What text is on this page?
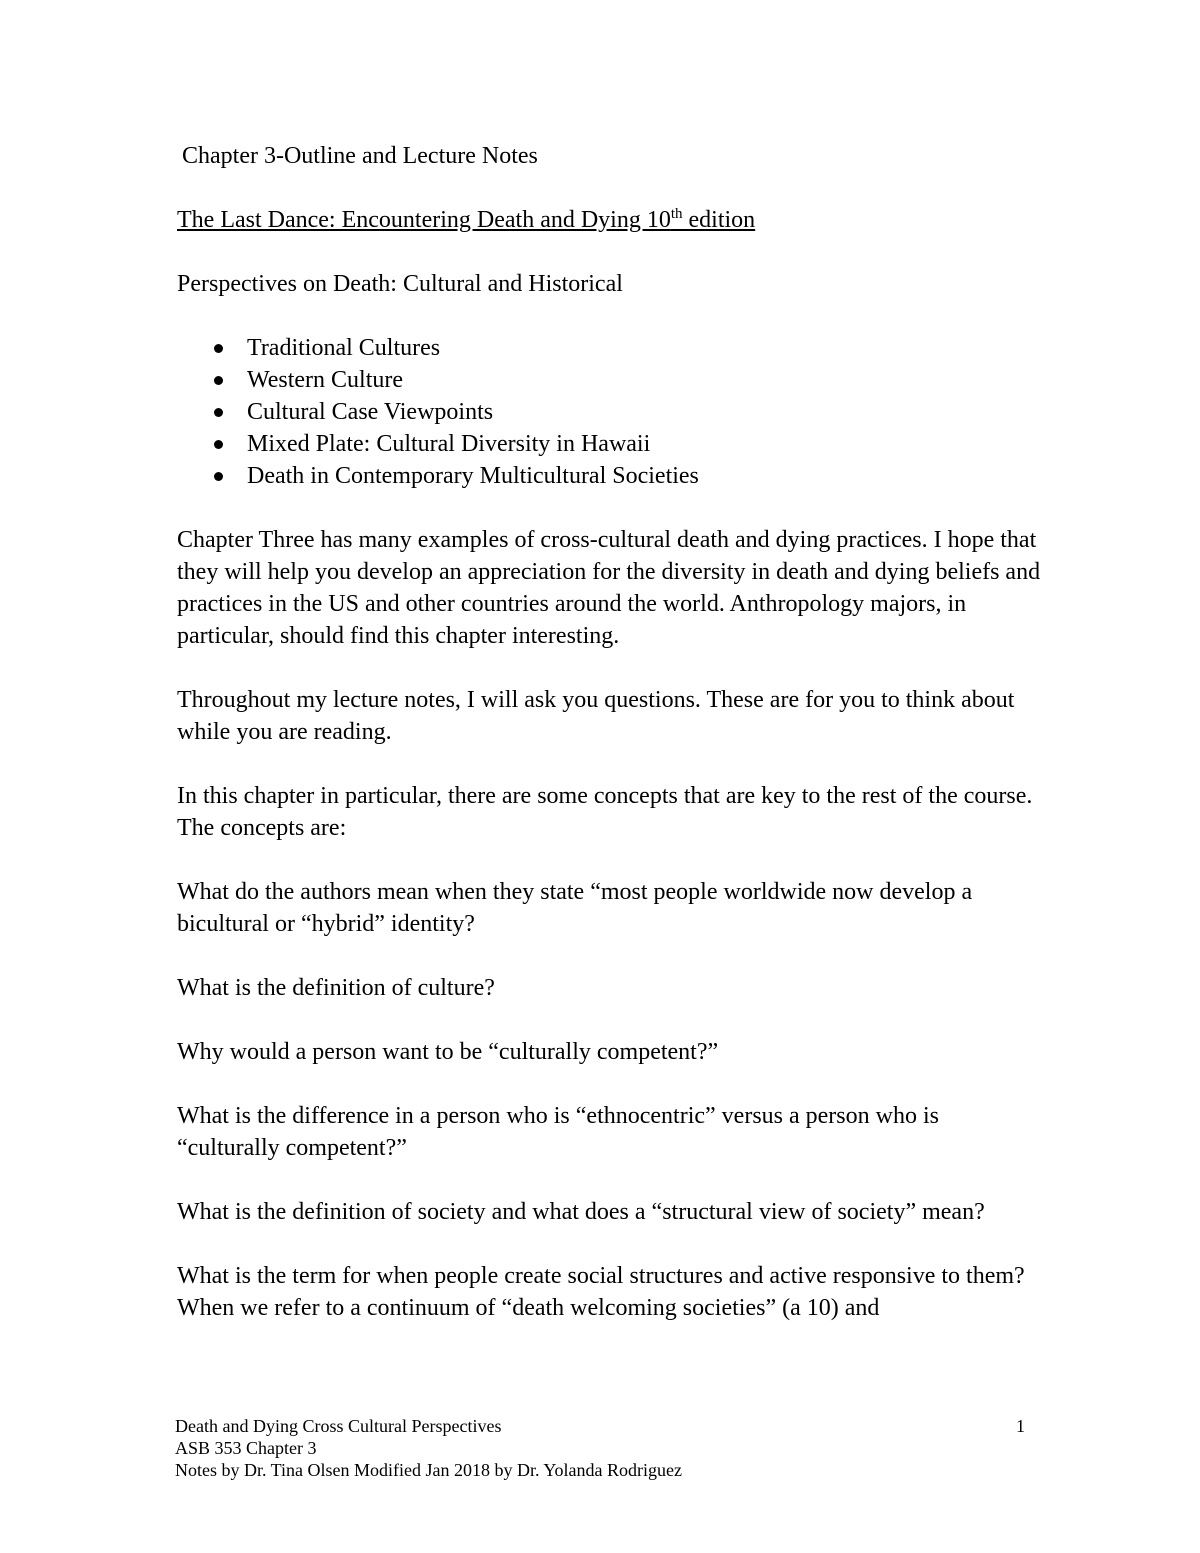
Chapter 3-Outline and Lecture Notes

The Last Dance: Encountering Death and Dying 10th edition

Perspectives on Death: Cultural and Historical

Traditional Cultures
Western Culture
Cultural Case Viewpoints
Mixed Plate: Cultural Diversity in Hawaii
Death in Contemporary Multicultural Societies

Chapter Three has many examples of cross-cultural death and dying practices. I hope that they will help you develop an appreciation for the diversity in death and dying beliefs and practices in the US and other countries around the world. Anthropology majors, in particular, should find this chapter interesting.

Throughout my lecture notes, I will ask you questions. These are for you to think about while you are reading.

In this chapter in particular, there are some concepts that are key to the rest of the course. The concepts are:

What do the authors mean when they state “most people worldwide now develop a bicultural or “hybrid” identity?

What is the definition of culture?

Why would a person want to be “culturally competent?”

What is the difference in a person who is “ethnocentric” versus a person who is “culturally competent?”

What is the definition of society and what does a “structural view of society” mean?

What is the term for when people create social structures and active responsive to them?

When we refer to a continuum of “death welcoming societies” (a 10) and

Death and Dying Cross Cultural Perspectives
ASB 353 Chapter 3
Notes by Dr. Tina Olsen Modified Jan 2018 by Dr. Yolanda Rodriguez
1
